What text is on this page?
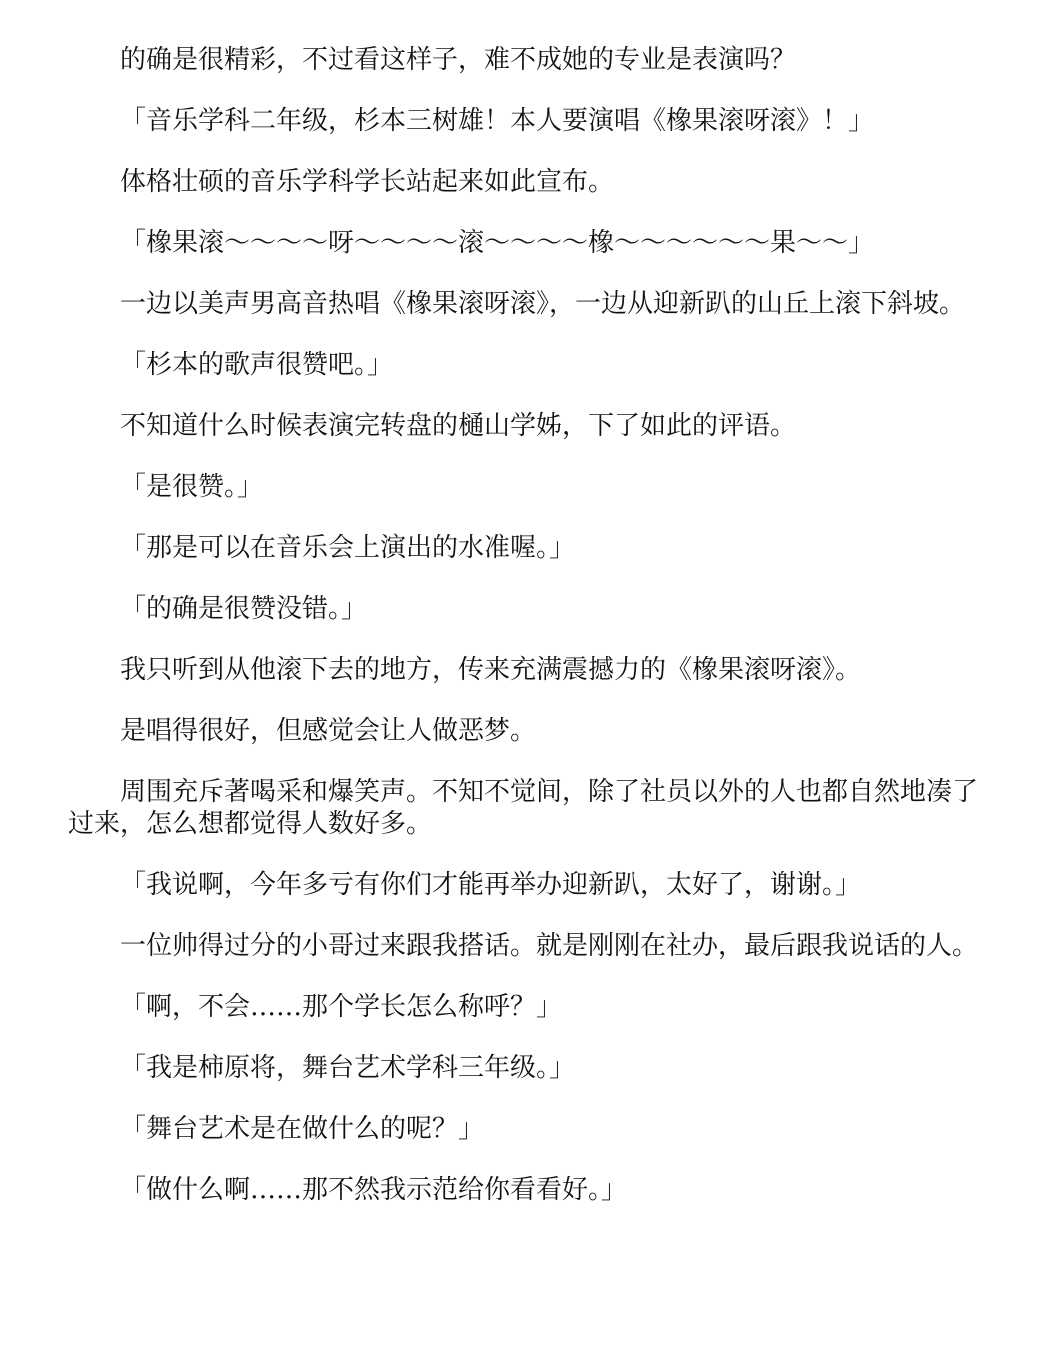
的确是很精彩，不过看这样子，难不成她的专业是表演吗？

「音乐学科二年级，杉本三树雄！本人要演唱《橡果滚呀滚》！」

体格壮硕的音乐学科学长站起来如此宣布。

「橡果滚～～～～呀～～～～滚～～～～橡～～～～～～果～～」

一边以美声男高音热唱《橡果滚呀滚》，一边从迎新趴的山丘上滚下斜坡。

「杉本的歌声很赞吧。」

不知道什么时候表演完转盘的樋山学姊，下了如此的评语。

「是很赞。」

「那是可以在音乐会上演出的水准喔。」

「的确是很赞没错。」

我只听到从他滚下去的地方，传来充满震撼力的《橡果滚呀滚》。

是唱得很好，但感觉会让人做恶梦。

周围充斥著喝采和爆笑声。不知不觉间，除了社员以外的人也都自然地凑了过来，怎么想都觉得人数好多。

「我说啊，今年多亏有你们才能再举办迎新趴，太好了，谢谢。」

一位帅得过分的小哥过来跟我搭话。就是刚刚在社办，最后跟我说话的人。

「啊，不会……那个学长怎么称呼？」

「我是柿原将，舞台艺术学科三年级。」

「舞台艺术是在做什么的呢？」

「做什么啊……那不然我示范给你看看好。」
